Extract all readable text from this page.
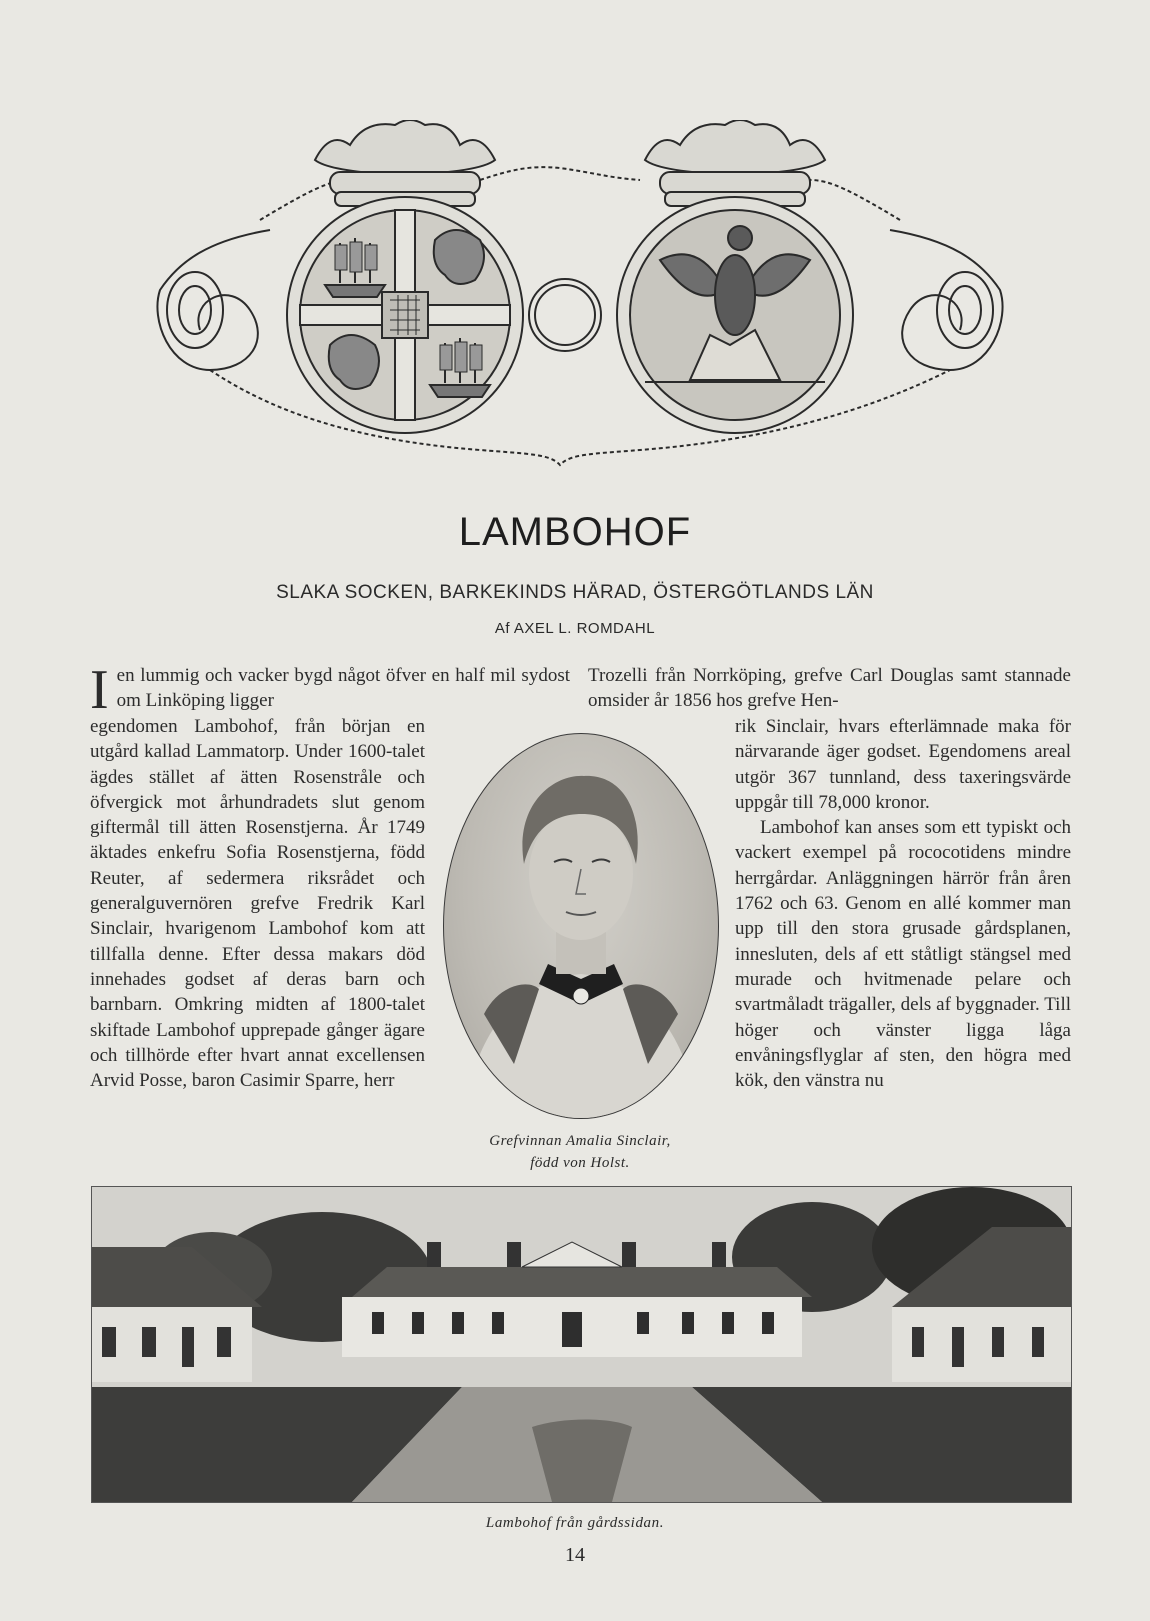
LAMBOHOF
SLAKA SOCKEN, BARKEKINDS HÄRAD, ÖSTERGÖTLANDS LÄN
Af AXEL L. ROMDAHL
I en lummig och vacker bygd något öfver en half mil sydost om Linköping ligger
egendomen Lambohof, från början en utgård kallad Lammatorp. Under 1600-talet ägdes stället af ätten Rosenstråle och öfvergick mot århundradets slut genom giftermål till ätten Rosenstjerna. År 1749 äktades enkefru Sofia Rosenstjerna, född Reuter, af sedermera riksrådet och generalguvernören grefve Fredrik Karl Sinclair, hvarigenom Lambohof kom att tillfalla denne. Efter dessa makars död innehades godset af deras barn och barnbarn. Omkring midten af 1800-talet skiftade Lambohof upprepade gånger ägare och tillhörde efter hvart annat excellensen Arvid Posse, baron Casimir Sparre, herr
Trozelli från Norrköping, grefve Carl Douglas samt stannade omsider år 1856 hos grefve Hen-
rik Sinclair, hvars efterlämnade maka för närvarande äger godset. Egendomens areal utgör 367 tunnland, dess taxeringsvärde uppgår till 78,000 kronor.
Lambohof kan anses som ett typiskt och vackert exempel på rococotidens mindre herrgårdar. Anläggningen härrör från åren 1762 och 63. Genom en allé kommer man upp till den stora grusade gårdsplanen, innesluten, dels af ett ståtligt stängsel med murade och hvitmenade pelare och svartmåladt trägaller, dels af byggnader. Till höger och vänster ligga låga envåningsflyglar af sten, den högra med kök, den vänstra nu
Grefvinnan Amalia Sinclair,
född von Holst.
Lambohof från gårdssidan.
14
